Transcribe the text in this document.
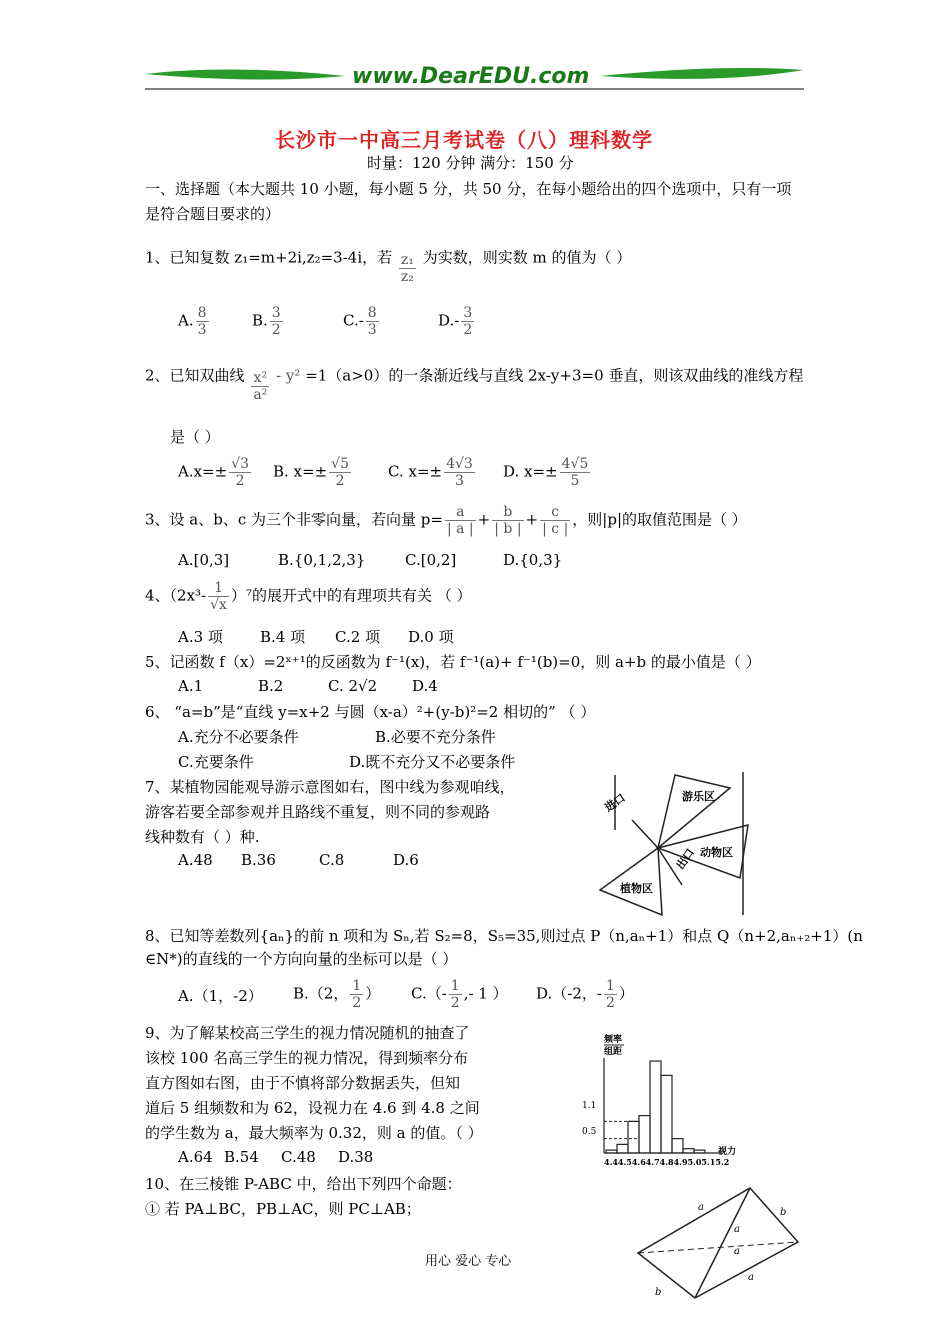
www.DearEDU.com
长沙市一中高三月考试卷（八）理科数学
时量：120 分钟 满分：150 分
一、选择题（本大题共 10 小题，每小题 5 分，共 50 分，在每小题给出的四个选项中，只有一项
是符合题目要求的）
1、已知复数 z₁=m+2i,z₂=3-4i，若 $\frac{\text{z₁}}{\text{z₂}}$ 为实数，则实数 m 的值为（ ）
A. $\frac{8}{3}$	B. $\frac{3}{2}$	$C.- \frac{8}{3}$	$D.- \frac{3}{2}$
2、已知双曲线 $\frac{\text{x²}}{\text{a²}} - y^2 =1(a>0)$的一条渐近线与直线 2x-y+3=0 垂直，则该双曲线的准线方程
是（ ）
$A.x=\pm \frac{√3}{2} B$. $x=\pm \frac{√5}{2} C$. $x=\pm \frac{4√3}{3} D$. $x=\pm \frac{4√5}{5}$
3、设 a、b、c 为三个非零向量，若向量 $p= \frac{a}{| a |} + \frac{b}{| b |} + \frac{c}{| c |}$ ，则|p|的取值范围是（ ）
A.[0,3]	B.{0,1,2,3}	C.[0,2]	D.{0,3}
4、$(2x^3- \frac{1}{√x} )^7$的展开式中的有理项共有关 （ ）
A.3 项 B.4 项 C.2 项 D.0 项
5、记函数 f（x）=2ˣ⁺¹的反函数为 f⁻¹(x)，若 f⁻¹(a)+ f⁻¹(b)=0，则 a+b 的最小值是（ ）
A.1	B.2	C. 2√2 D.4
6、 “a=b”是“直线 y=x+2 与圆（x-a）²+(y-b)²=2 相切的” （ ）
A.充分不必要条件	B.必要不充分条件
C.充要条件	D.既不充分又不必要条件
7、某植物园能观导游示意图如右，图中线为参观咱线，
游客若要全部参观并且路线不重复，则不同的参观路
线种数有（ ）种.
A.48 B.36	C.8	D.6
进口	游乐区
动物区
植物区
出口
8、已知等差数列{aₙ}的前 n 项和为 Sₙ,若 S₂=8，S₅=35,则过点 P（n,aₙ+1）和点 Q（n+2,aₙ₊₂+1）(n
∈N*)的直线的一个方向向量的坐标可以是（ ）
A.（1，-2） B.（2， $\frac{1}{2}$ ） $C.(- \frac{1}{2}$ ,- 1 ） D.（-2，- $\frac{1}{2}$ ）
9、为了解某校高三学生的视力情况随机的抽查了
该校 100 名高三学生的视力情况，得到频率分布
直方图如右图，由于不慎将部分数据丢失，但知
道后 5 组频数和为 62，设视力在 4.6 到 4.8 之间
的学生数为 a，最大频率为 0.32，则 a 的值。（ ）
A.64 B.54 C.48 D.38
频率
组距
1.1
0.5
视力
4.44.54.64.74.84.95.05.15.2
10、在三棱锥 P-ABC 中，给出下列四个命题：
① 若 PA⊥BC，PB⊥AC，则 PC⊥AB；	a	b
a
a
a
b
用心 爱心 专心
